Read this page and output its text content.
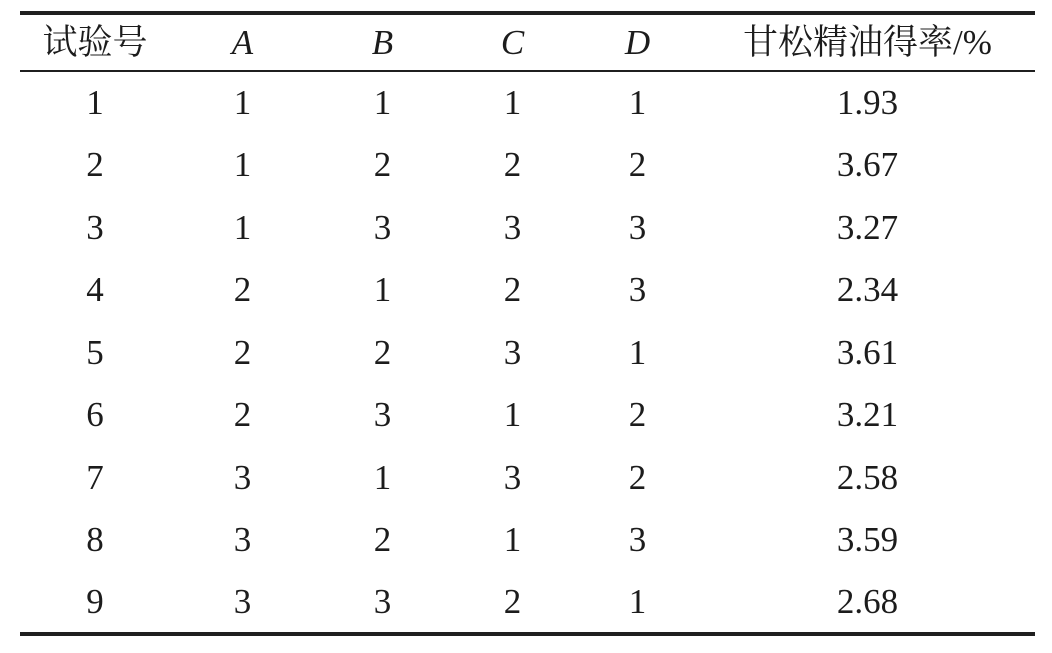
试验号	A	B	C	D	甘松精油得率/%
1	1	1	1	1	1.93
2	1	2	2	2	3.67
3	1	3	3	3	3.27
4	2	1	2	3	2.34
5	2	2	3	1	3.61
6	2	3	1	2	3.21
7	3	1	3	2	2.58
8	3	2	1	3	3.59
9	3	3	2	1	2.68
